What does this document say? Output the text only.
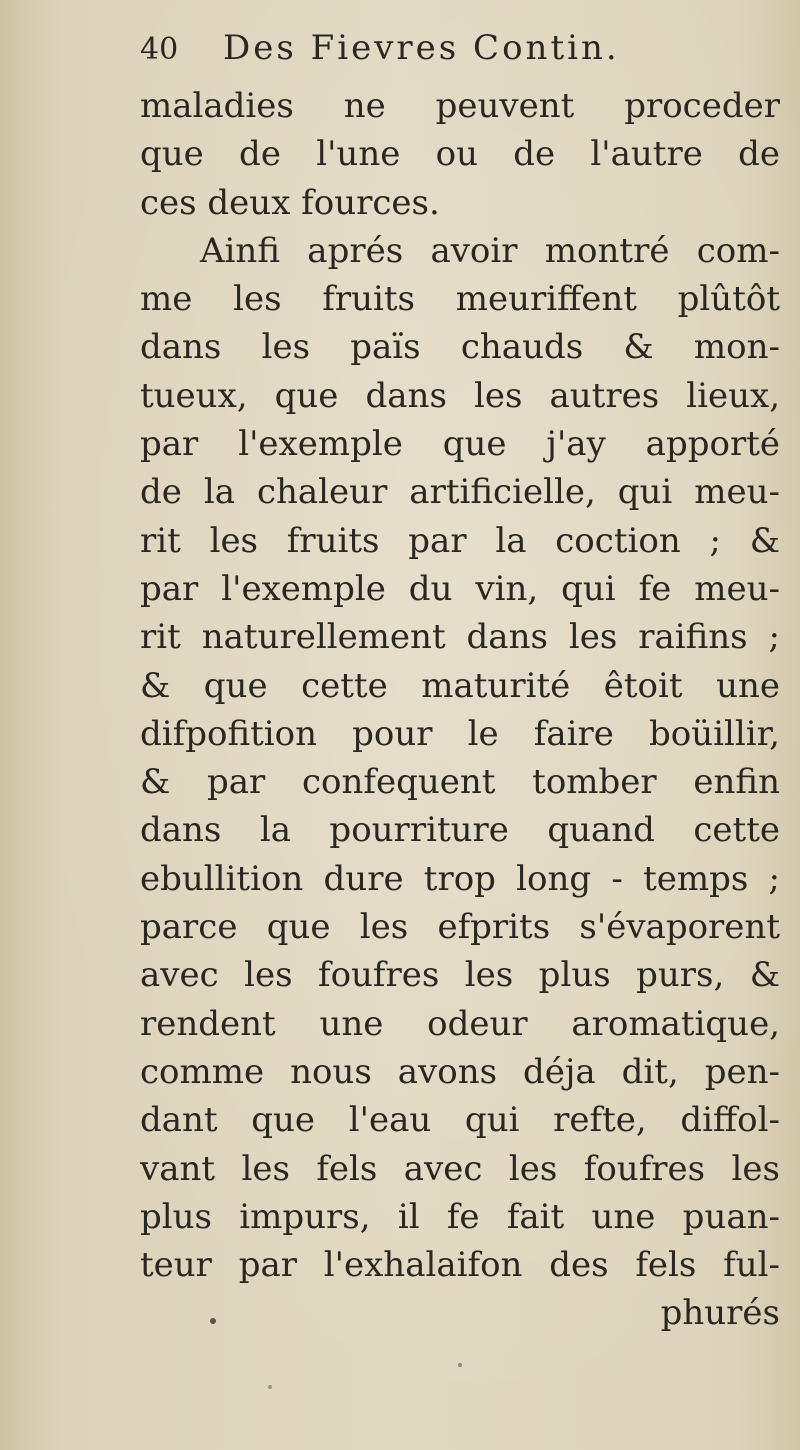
40 Des Fievres Contin.
maladies ne peuvent proceder
que de l'une ou de l'autre de
ces deux fources.
Ainfi aprés avoir montré com-
me les fruits meuriffent plûtôt
dans les païs chauds & mon-
tueux, que dans les autres lieux,
par l'exemple que j'ay apporté
de la chaleur artificielle, qui meu-
rit les fruits par la coction ; &
par l'exemple du vin, qui fe meu-
rit naturellement dans les raifins ;
& que cette maturité êtoit une
difpofition pour le faire boüillir,
& par confequent tomber enfin
dans la pourriture quand cette
ebullition dure trop long - temps ;
parce que les efprits s'évaporent
avec les foufres les plus purs, &
rendent une odeur aromatique,
comme nous avons déja dit, pen-
dant que l'eau qui refte, diffol-
vant les fels avec les foufres les
plus impurs, il fe fait une puan-
teur par l'exhalaifon des fels ful-
phurés
